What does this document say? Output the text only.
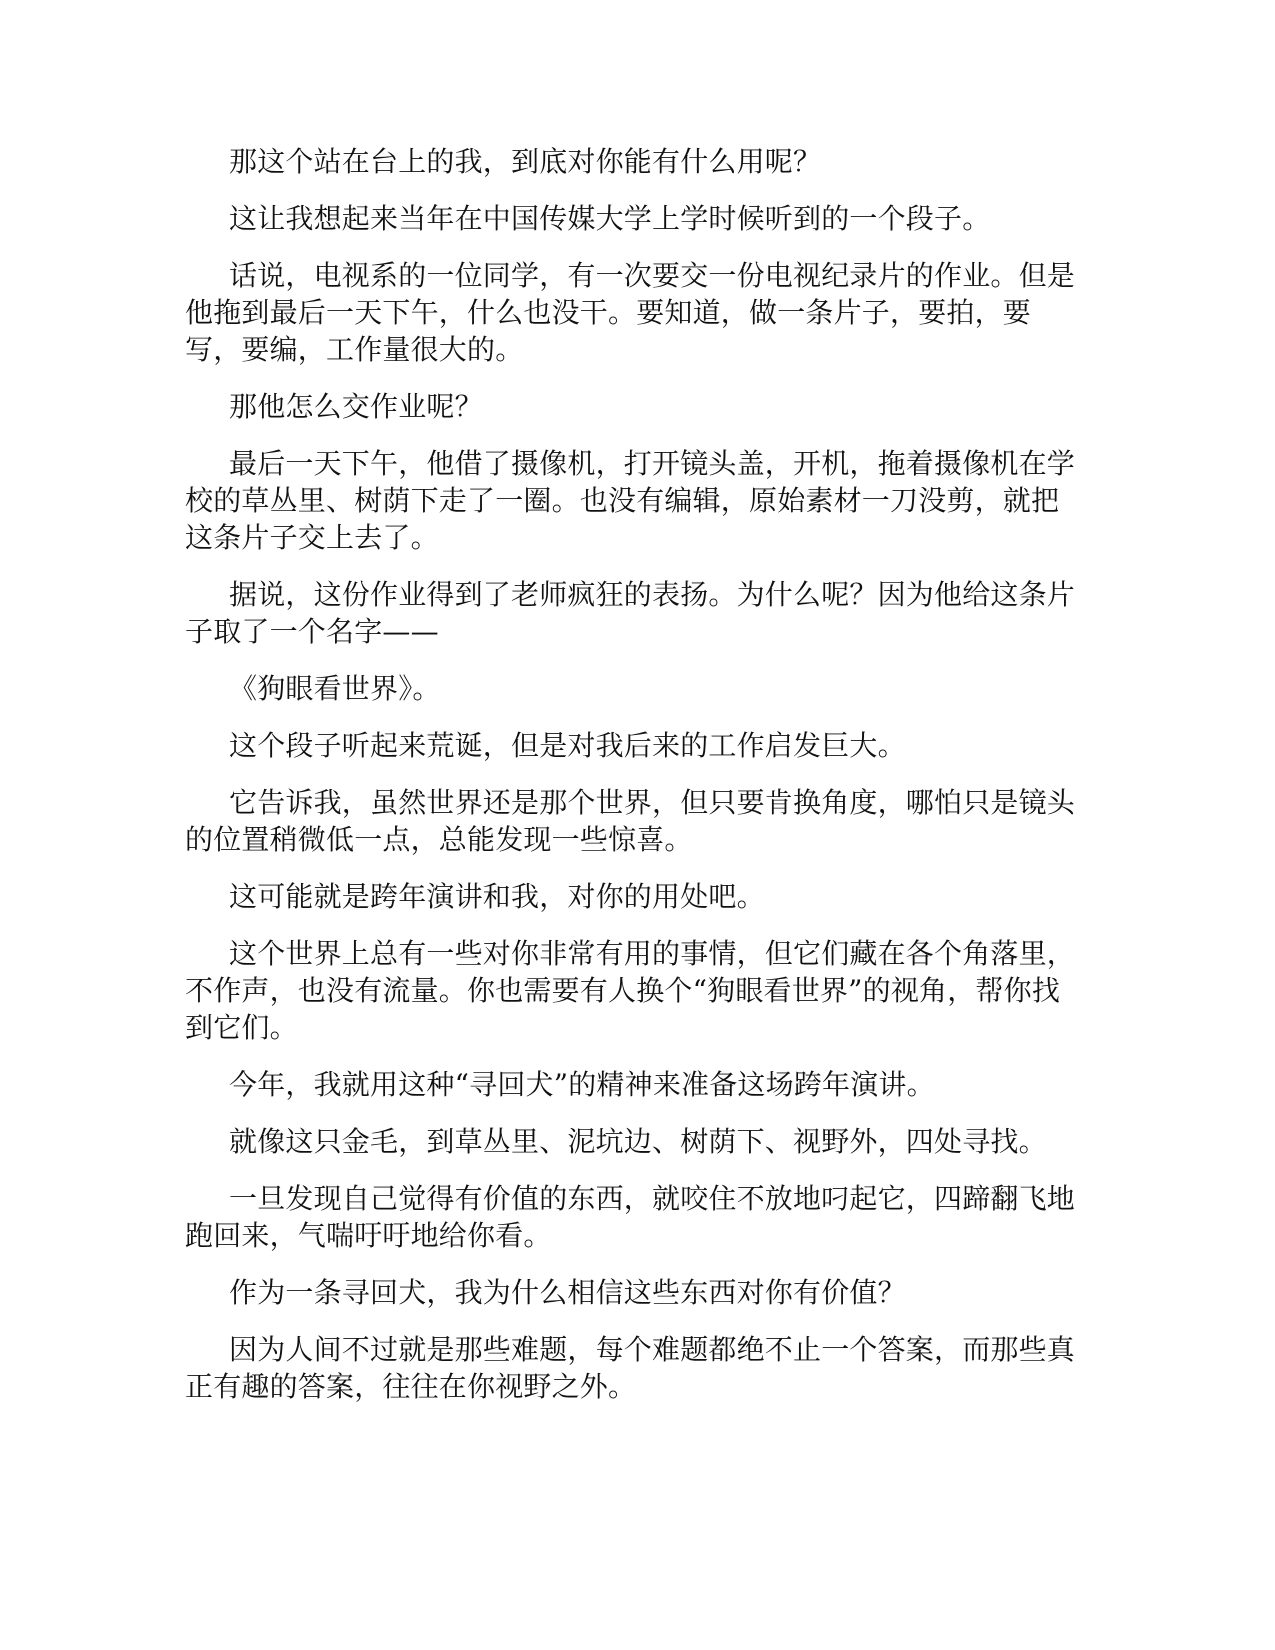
那这个站在台上的我，到底对你能有什么用呢？

这让我想起来当年在中国传媒大学上学时候听到的一个段子。

话说，电视系的一位同学，有一次要交一份电视纪录片的作业。但是他拖到最后一天下午，什么也没干。要知道，做一条片子，要拍，要写，要编，工作量很大的。

那他怎么交作业呢？

最后一天下午，他借了摄像机，打开镜头盖，开机，拖着摄像机在学校的草丛里、树荫下走了一圈。也没有编辑，原始素材一刀没剪，就把这条片子交上去了。

据说，这份作业得到了老师疯狂的表扬。为什么呢？因为他给这条片子取了一个名字——

《狗眼看世界》。

这个段子听起来荒诞，但是对我后来的工作启发巨大。

它告诉我，虽然世界还是那个世界，但只要肯换角度，哪怕只是镜头的位置稍微低一点，总能发现一些惊喜。

这可能就是跨年演讲和我，对你的用处吧。

这个世界上总有一些对你非常有用的事情，但它们藏在各个角落里，不作声，也没有流量。你也需要有人换个“狗眼看世界”的视角，帮你找到它们。

今年，我就用这种“寻回犬”的精神来准备这场跨年演讲。

就像这只金毛，到草丛里、泥坑边、树荫下、视野外，四处寻找。

一旦发现自己觉得有价值的东西，就咬住不放地叼起它，四蹄翻飞地跑回来，气喘吁吁地给你看。

作为一条寻回犬，我为什么相信这些东西对你有价值？

因为人间不过就是那些难题，每个难题都绝不止一个答案，而那些真正有趣的答案，往往在你视野之外。
